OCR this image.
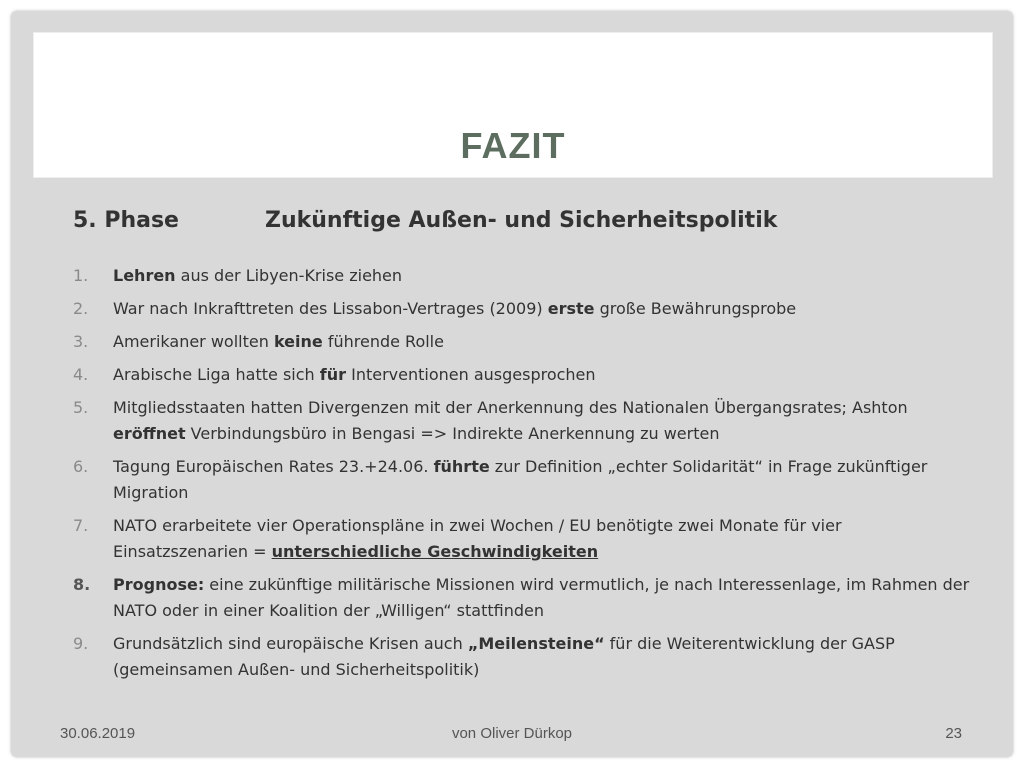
FAZIT
5. Phase	Zukünftige Außen- und Sicherheitspolitik
1.	Lehren aus der Libyen-Krise ziehen
2.	War nach Inkrafttreten des Lissabon-Vertrages (2009) erste große Bewährungsprobe
3.	Amerikaner wollten keine führende Rolle
4.	Arabische Liga hatte sich für Interventionen ausgesprochen
5.	Mitgliedsstaaten hatten Divergenzen mit der Anerkennung des Nationalen Übergangsrates; Ashton eröffnet Verbindungsbüro in Bengasi => Indirekte Anerkennung zu werten
6.	Tagung Europäischen Rates 23.+24.06. führte zur Definition „echter Solidarität“ in Frage zukünftiger Migration
7.	NATO erarbeitete vier Operationspläne in zwei Wochen / EU benötigte zwei Monate für vier Einsatzszenarien = unterschiedliche Geschwindigkeiten
8.	Prognose: eine zukünftige militärische Missionen wird vermutlich, je nach Interessenlage, im Rahmen der NATO oder in einer Koalition der „Willigen“ stattfinden
9.	Grundsätzlich sind europäische Krisen auch „Meilensteine“ für die Weiterentwicklung der GASP (gemeinsamen Außen- und Sicherheitspolitik)
30.06.2019	von Oliver Dürkop	23
